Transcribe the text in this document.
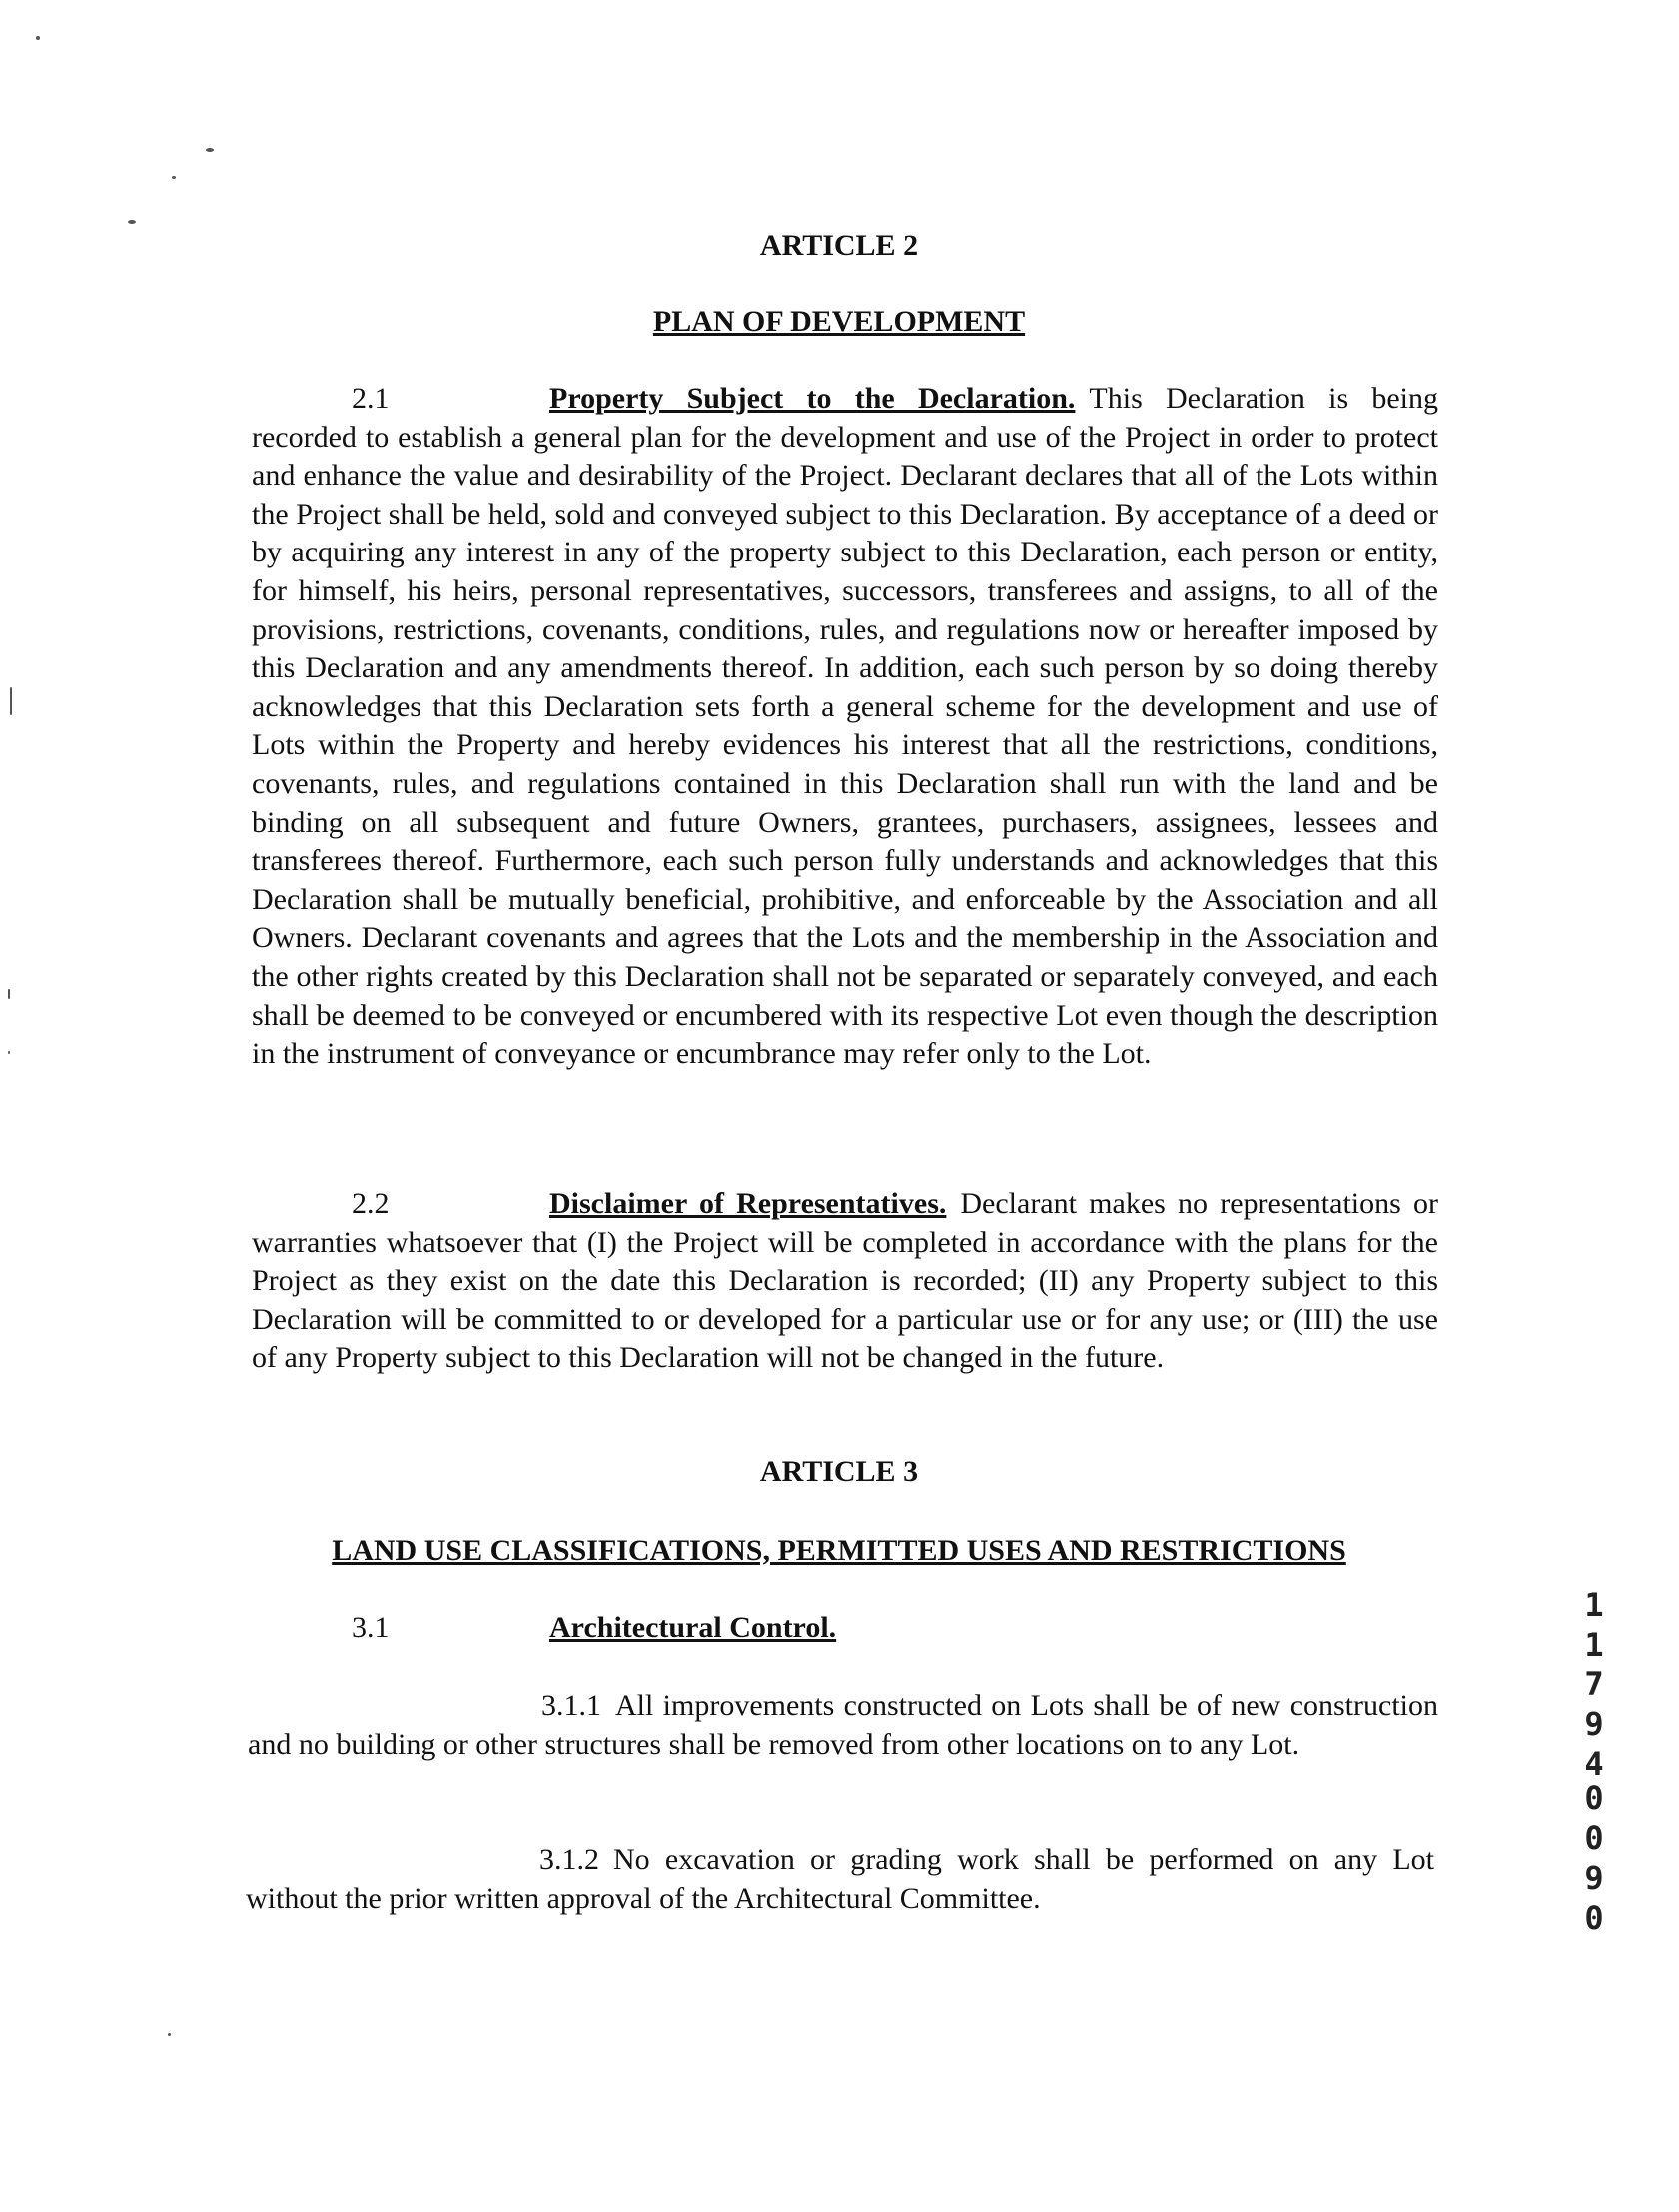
ARTICLE 2
PLAN OF DEVELOPMENT
2.1	Property Subject to the Declaration. This Declaration is being recorded to establish a general plan for the development and use of the Project in order to protect and enhance the value and desirability of the Project. Declarant declares that all of the Lots within the Project shall be held, sold and conveyed subject to this Declaration. By acceptance of a deed or by acquiring any interest in any of the property subject to this Declaration, each person or entity, for himself, his heirs, personal representatives, successors, transferees and assigns, to all of the provisions, restrictions, covenants, conditions, rules, and regulations now or hereafter imposed by this Declaration and any amendments thereof. In addition, each such person by so doing thereby acknowledges that this Declaration sets forth a general scheme for the development and use of Lots within the Property and hereby evidences his interest that all the restrictions, conditions, covenants, rules, and regulations contained in this Declaration shall run with the land and be binding on all subsequent and future Owners, grantees, purchasers, assignees, lessees and transferees thereof. Furthermore, each such person fully understands and acknowledges that this Declaration shall be mutually beneficial, prohibitive, and enforceable by the Association and all Owners. Declarant covenants and agrees that the Lots and the membership in the Association and the other rights created by this Declaration shall not be separated or separately conveyed, and each shall be deemed to be conveyed or encumbered with its respective Lot even though the description in the instrument of conveyance or encumbrance may refer only to the Lot.
2.2	Disclaimer of Representatives. Declarant makes no representations or warranties whatsoever that (I) the Project will be completed in accordance with the plans for the Project as they exist on the date this Declaration is recorded; (II) any Property subject to this Declaration will be committed to or developed for a particular use or for any use; or (III) the use of any Property subject to this Declaration will not be changed in the future.
ARTICLE 3
LAND USE CLASSIFICATIONS, PERMITTED USES AND RESTRICTIONS
3.1	Architectural Control.
3.1.1 All improvements constructed on Lots shall be of new construction and no building or other structures shall be removed from other locations on to any Lot.
3.1.2 No excavation or grading work shall be performed on any Lot without the prior written approval of the Architectural Committee.
1
1
7
9
4
0
0
9
0
